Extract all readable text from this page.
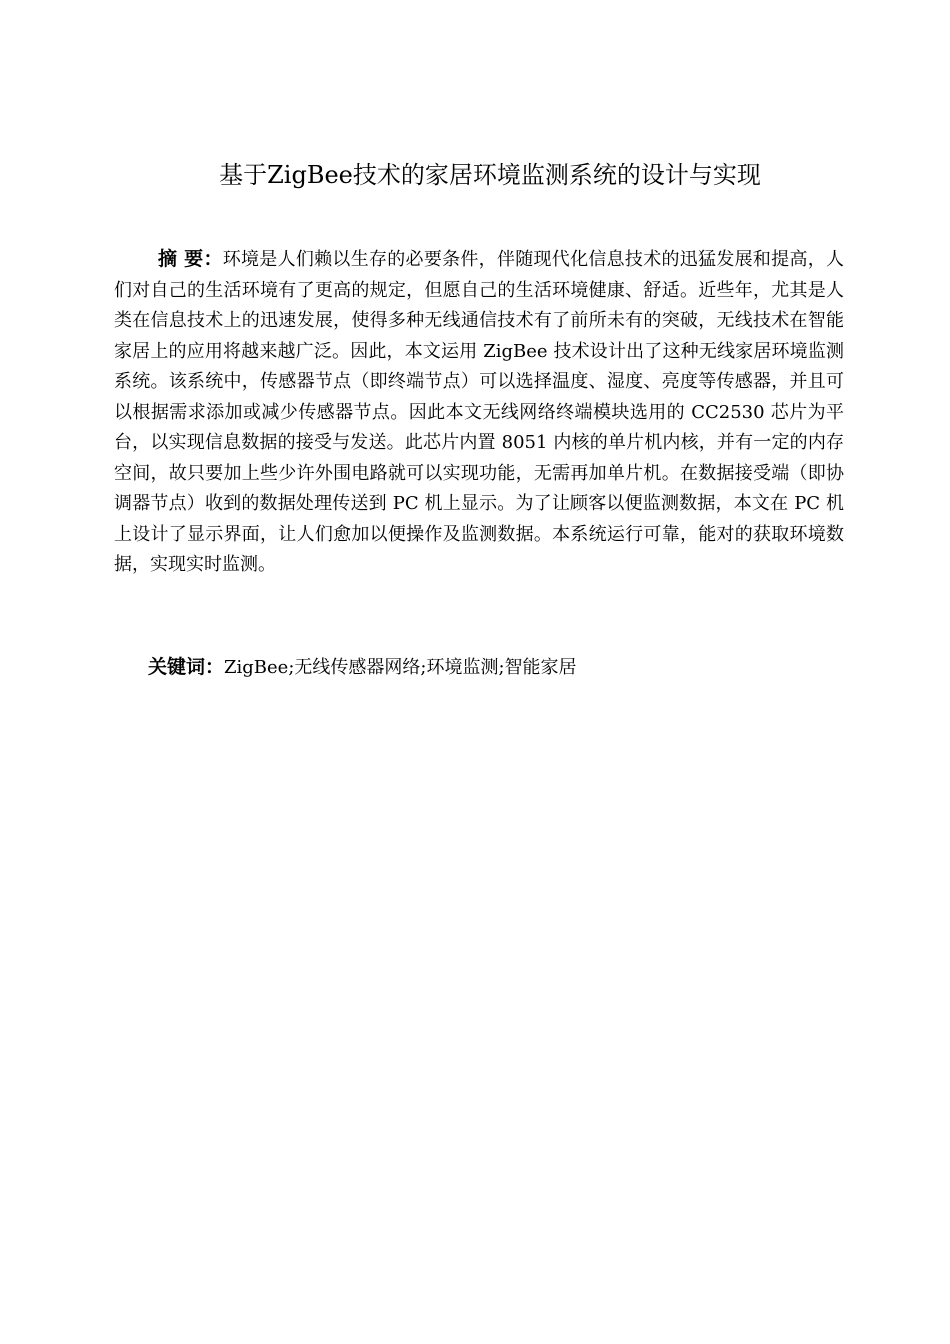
基于ZigBee技术的家居环境监测系统的设计与实现

摘 要：环境是人们赖以生存的必要条件，伴随现代化信息技术的迅猛发展和提高，人们对自己的生活环境有了更高的规定，但愿自己的生活环境健康、舒适。近些年，尤其是人类在信息技术上的迅速发展，使得多种无线通信技术有了前所未有的突破，无线技术在智能家居上的应用将越来越广泛。因此，本文运用 ZigBee 技术设计出了这种无线家居环境监测系统。该系统中，传感器节点（即终端节点）可以选择温度、湿度、亮度等传感器，并且可以根据需求添加或减少传感器节点。因此本文无线网络终端模块选用的 CC2530 芯片为平台，以实现信息数据的接受与发送。此芯片内置 8051 内核的单片机内核，并有一定的内存空间，故只要加上些少许外围电路就可以实现功能，无需再加单片机。在数据接受端（即协调器节点）收到的数据处理传送到 PC 机上显示。为了让顾客以便监测数据，本文在 PC 机上设计了显示界面，让人们愈加以便操作及监测数据。本系统运行可靠，能对的获取环境数据，实现实时监测。

关键词：ZigBee;无线传感器网络;环境监测;智能家居
